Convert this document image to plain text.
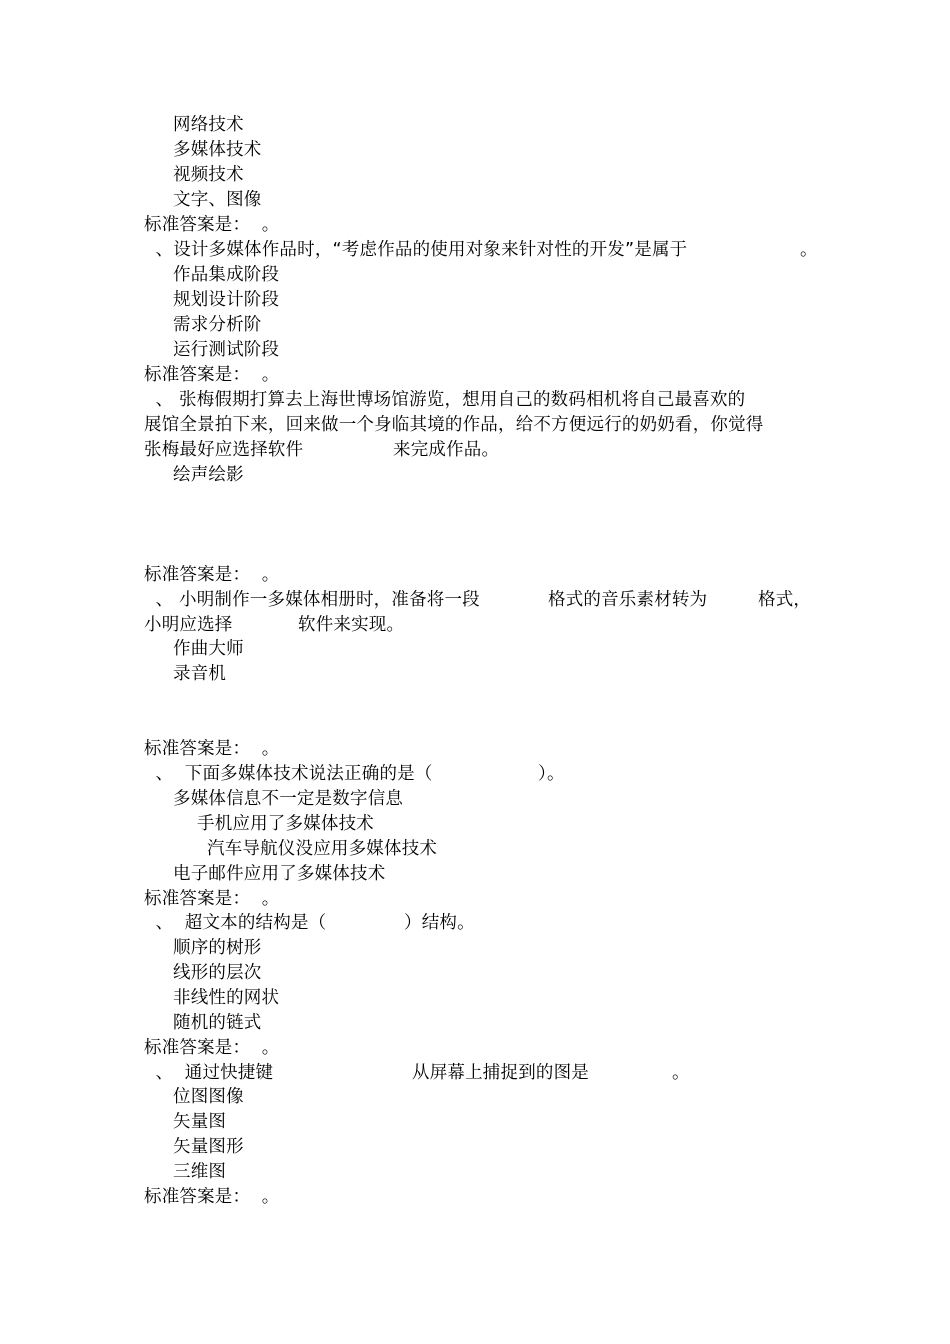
网络技术
多媒体技术
视频技术
文字、图像
标准答案是：  。
、设计多媒体作品时，“考虑作品的使用对象来针对性的开发”是属于	。
作品集成阶段
规划设计阶段
需求分析阶
运行测试阶段
标准答案是：  。
、 张梅假期打算去上海世博场馆游览，想用自己的数码相机将自己最喜欢的
展馆全景拍下来，回来做一个身临其境的作品，给不方便远行的奶奶看，你觉得
张梅最好应选择软件	来完成作品。
绘声绘影
标准答案是：  。
、 小明制作一多媒体相册时，准备将一段	格式的音乐素材转为	格式，
小明应选择	软件来实现。
作曲大师
录音机
标准答案是：  。
、  下面多媒体技术说法正确的是（	）。
多媒体信息不一定是数字信息
手机应用了多媒体技术
汽车导航仪没应用多媒体技术
电子邮件应用了多媒体技术
标准答案是：  。
、  超文本的结构是（	）结构。
顺序的树形
线形的层次
非线性的网状
随机的链式
标准答案是：  。
、  通过快捷键	从屏幕上捕捉到的图是	。
位图图像
矢量图
矢量图形
三维图
标准答案是：  。
